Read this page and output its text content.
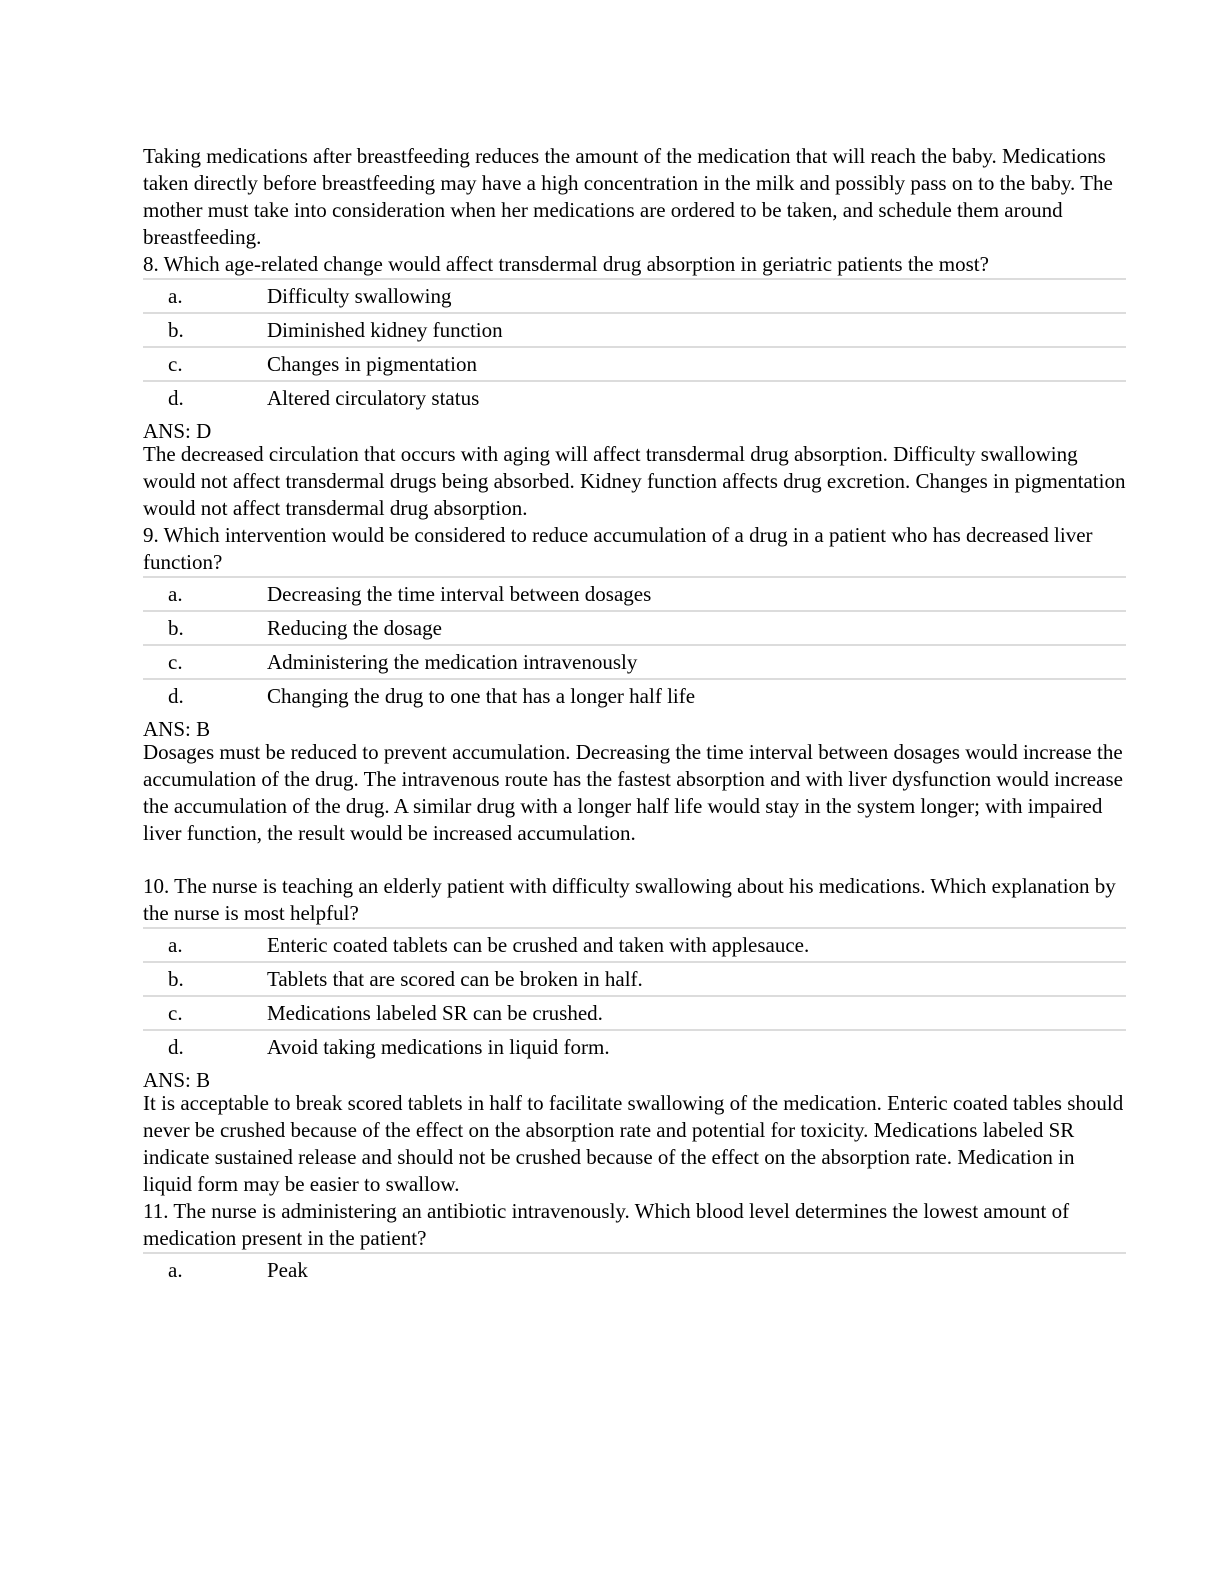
Taking medications after breastfeeding reduces the amount of the medication that will reach the baby. Medications taken directly before breastfeeding may have a high concentration in the milk and possibly pass on to the baby. The mother must take into consideration when her medications are ordered to be taken, and schedule them around breastfeeding.

8. Which age-related change would affect transdermal drug absorption in geriatric patients the most?

a.	Difficulty swallowing
b.	Diminished kidney function
c.	Changes in pigmentation
d.	Altered circulatory status

ANS: D

The decreased circulation that occurs with aging will affect transdermal drug absorption. Difficulty swallowing would not affect transdermal drugs being absorbed. Kidney function affects drug excretion. Changes in pigmentation would not affect transdermal drug absorption.

9. Which intervention would be considered to reduce accumulation of a drug in a patient who has decreased liver function?

a.	Decreasing the time interval between dosages
b.	Reducing the dosage
c.	Administering the medication intravenously
d.	Changing the drug to one that has a longer half life

ANS: B

Dosages must be reduced to prevent accumulation. Decreasing the time interval between dosages would increase the accumulation of the drug. The intravenous route has the fastest absorption and with liver dysfunction would increase the accumulation of the drug. A similar drug with a longer half life would stay in the system longer; with impaired liver function, the result would be increased accumulation.

10. The nurse is teaching an elderly patient with difficulty swallowing about his medications. Which explanation by the nurse is most helpful?

a.	Enteric coated tablets can be crushed and taken with applesauce.
b.	Tablets that are scored can be broken in half.
c.	Medications labeled SR can be crushed.
d.	Avoid taking medications in liquid form.

ANS: B

It is acceptable to break scored tablets in half to facilitate swallowing of the medication. Enteric coated tables should never be crushed because of the effect on the absorption rate and potential for toxicity. Medications labeled SR indicate sustained release and should not be crushed because of the effect on the absorption rate. Medication in liquid form may be easier to swallow.

11. The nurse is administering an antibiotic intravenously. Which blood level determines the lowest amount of medication present in the patient?

a.	Peak
